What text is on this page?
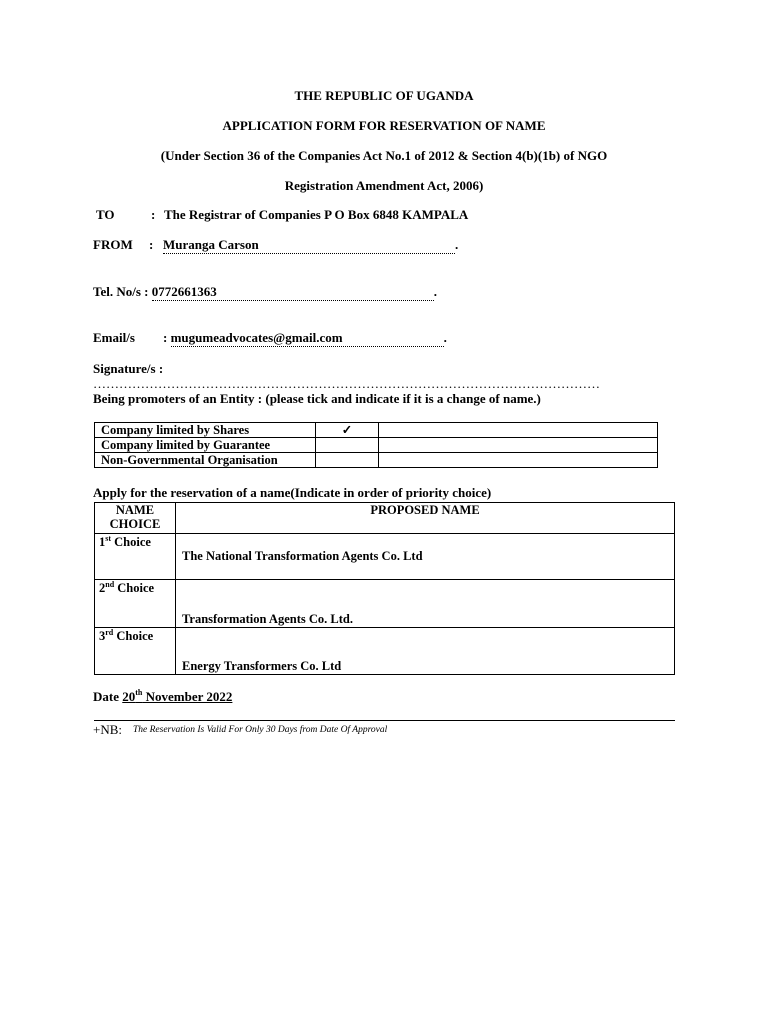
THE REPUBLIC OF UGANDA
APPLICATION FORM FOR RESERVATION OF NAME
(Under Section 36 of the Companies Act No.1 of 2012 & Section 4(b)(1b) of NGO
Registration Amendment Act, 2006)
TO	: The Registrar of Companies P O Box 6848 KAMPALA
FROM : Muranga Carson	.
Tel. No/s : 0772661363	.
Email/s : mugumeadvocates@gmail.com	.
Signature/s :
………………………………………………………………………………………………………
Being promoters of an Entity : (please tick and indicate if it is a change of name.)
Company limited by Shares	✓	
Company limited by Guarantee		
Non-Governmental Organisation		
Apply for the reservation of a name(Indicate in order of priority choice)
NAME
CHOICE	PROPOSED NAME
1st Choice	The National Transformation Agents Co. Ltd
2nd Choice	Transformation Agents Co. Ltd.
3rd Choice	Energy Transformers Co. Ltd
Date 20th November 2022
+NB: The Reservation Is Valid For Only 30 Days from Date Of Approval
